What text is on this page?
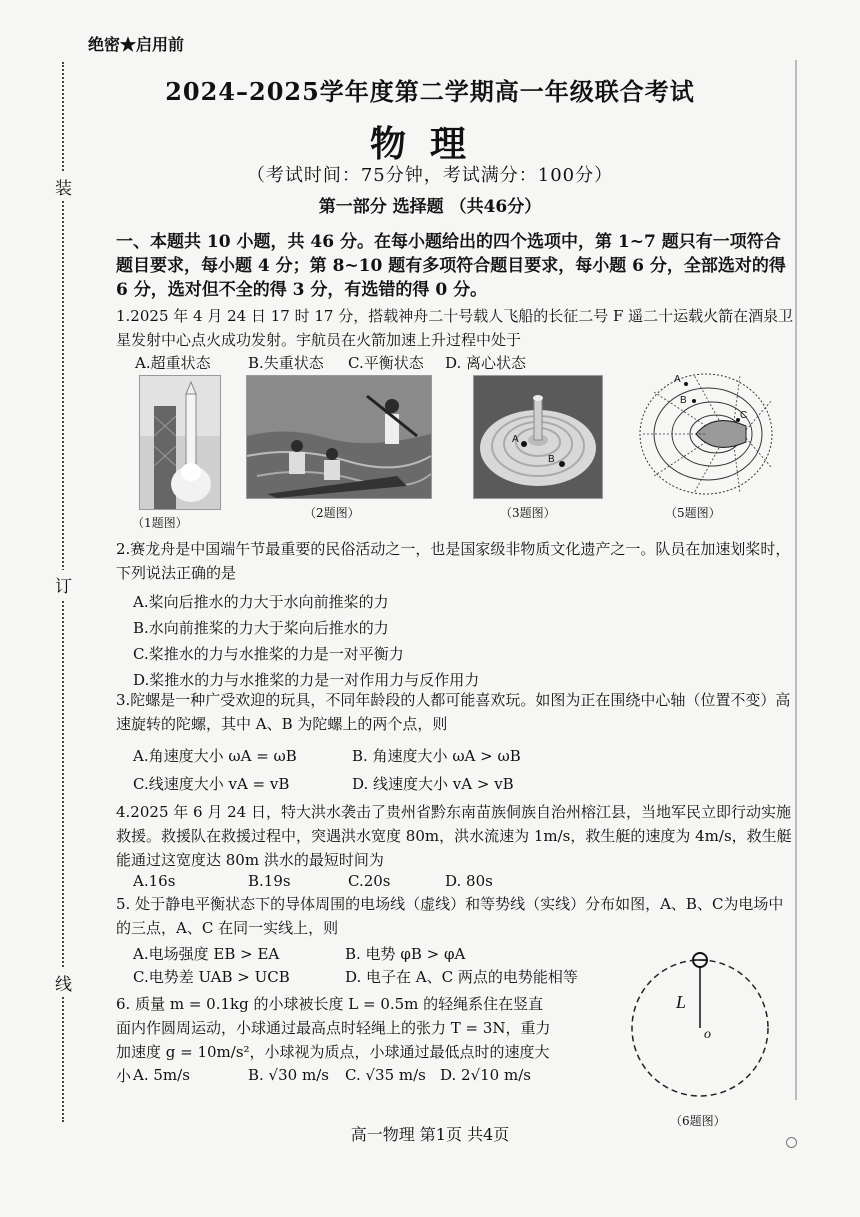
绝密★启用前
装
订
线
2024–2025学年度第二学期高一年级联合考试
物理
（考试时间：75分钟，考试满分：100分）
第一部分 选择题 （共46分）
一、本题共 10 小题，共 46 分。在每小题给出的四个选项中，第 1~7 题只有一项符合题目要求，每小题 4 分；第 8~10 题有多项符合题目要求，每小题 6 分，全部选对的得 6 分，选对但不全的得 3 分，有选错的得 0 分。
1.2025 年 4 月 24 日 17 时 17 分，搭载神舟二十号载人飞船的长征二号 F 遥二十运载火箭在酒泉卫星发射中心点火成功发射。宇航员在火箭加速上升过程中处于
A.超重状态 B.失重状态 C.平衡状态 D. 离心状态
A
B
A
B
C
（1题图）
（2题图）	（3题图）	（5题图）
2.赛龙舟是中国端午节最重要的民俗活动之一，也是国家级非物质文化遗产之一。队员在加速划桨时，下列说法正确的是
A.桨向后推水的力大于水向前推桨的力
B.水向前推桨的力大于桨向后推水的力
C.桨推水的力与水推桨的力是一对平衡力
D.桨推水的力与水推桨的力是一对作用力与反作用力
3.陀螺是一种广受欢迎的玩具，不同年龄段的人都可能喜欢玩。如图为正在围绕中心轴（位置不变）高速旋转的陀螺，其中 A、B 为陀螺上的两个点，则
A.角速度大小 ωA = ωB	B. 角速度大小 ωA > ωB
C.线速度大小 vA = vB	D. 线速度大小 vA > vB
4.2025 年 6 月 24 日，特大洪水袭击了贵州省黔东南苗族侗族自治州榕江县，当地军民立即行动实施救援。救援队在救援过程中，突遇洪水宽度 80m，洪水流速为 1m/s，救生艇的速度为 4m/s，救生艇能通过这宽度达 80m 洪水的最短时间为
A.16s	B.19s	C.20s	D. 80s
5. 处于静电平衡状态下的导体周围的电场线（虚线）和等势线（实线）分布如图，A、B、C为电场中的三点，A、C 在同一实线上，则
A.电场强度 EB > EA	B. 电势 φB > φA
C.电势差 UAB > UCB	D. 电子在 A、C 两点的电势能相等
6. 质量 m = 0.1kg 的小球被长度 L = 0.5m 的轻绳系住在竖直面内作圆周运动，小球通过最高点时轻绳上的张力 T = 3N，重力加速度 g = 10m/s²，小球视为质点，小球通过最低点时的速度大小 A. 5m/s	B. √30 m/s C. √35 m/s D. 2√10 m/s
L
o
（6题图）
高一物理 第1页 共4页
